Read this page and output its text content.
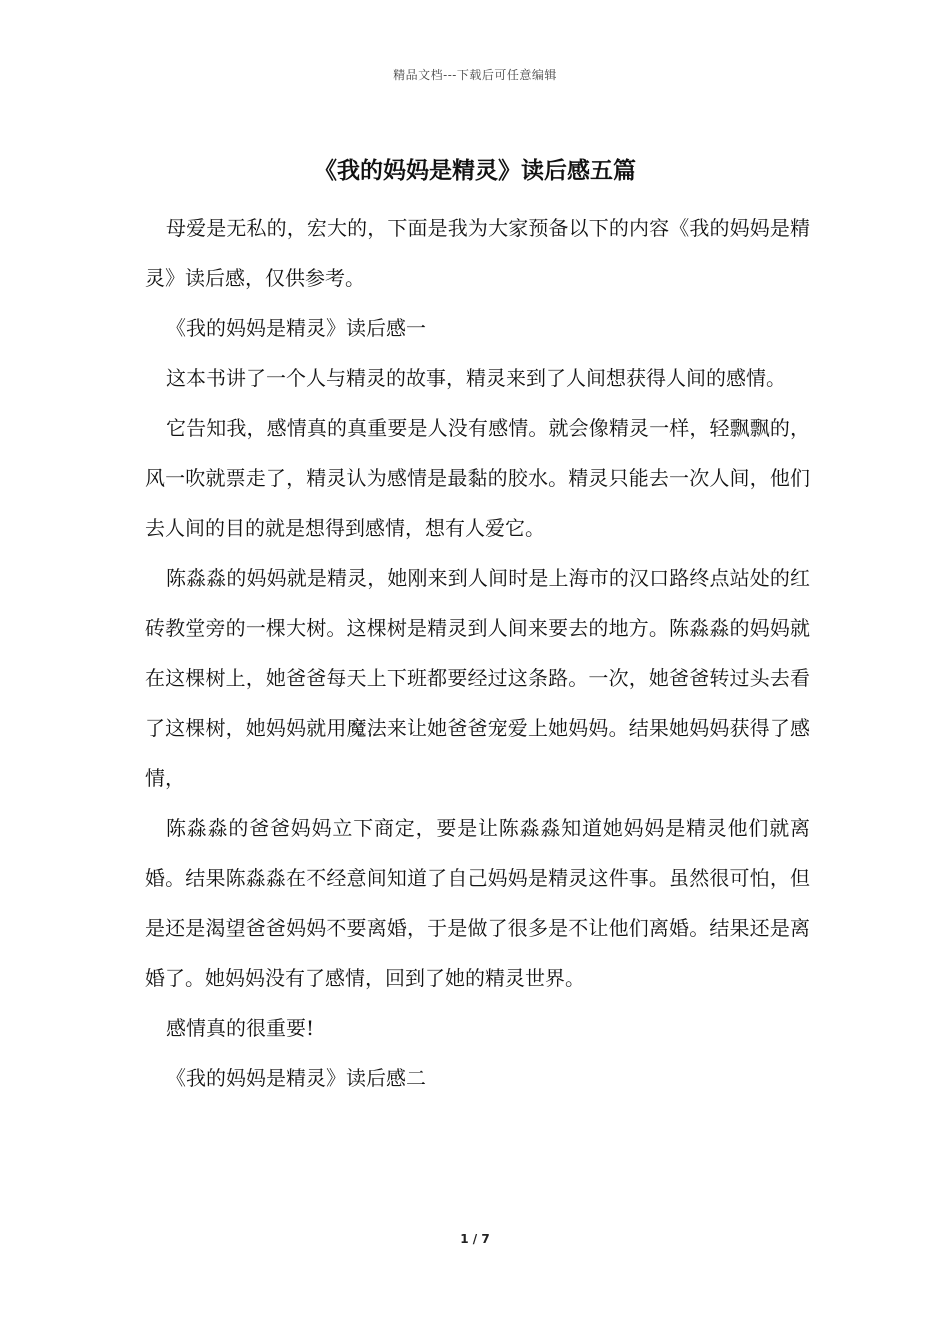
精品文档---下载后可任意编辑
《我的妈妈是精灵》读后感五篇

母爱是无私的，宏大的，下面是我为大家预备以下的内容《我的妈妈是精灵》读后感，仅供参考。

《我的妈妈是精灵》读后感一

这本书讲了一个人与精灵的故事，精灵来到了人间想获得人间的感情。

它告知我，感情真的真重要是人没有感情。就会像精灵一样，轻飘飘的，风一吹就票走了，精灵认为感情是最黏的胶水。精灵只能去一次人间，他们去人间的目的就是想得到感情，想有人爱它。

陈淼淼的妈妈就是精灵，她刚来到人间时是上海市的汉口路终点站处的红砖教堂旁的一棵大树。这棵树是精灵到人间来要去的地方。陈淼淼的妈妈就在这棵树上，她爸爸每天上下班都要经过这条路。一次，她爸爸转过头去看了这棵树，她妈妈就用魔法来让她爸爸宠爱上她妈妈。结果她妈妈获得了感情，

陈淼淼的爸爸妈妈立下商定，要是让陈淼淼知道她妈妈是精灵他们就离婚。结果陈淼淼在不经意间知道了自己妈妈是精灵这件事。虽然很可怕，但是还是渴望爸爸妈妈不要离婚，于是做了很多是不让他们离婚。结果还是离婚了。她妈妈没有了感情，回到了她的精灵世界。

感情真的很重要!

《我的妈妈是精灵》读后感二

1 / 7
